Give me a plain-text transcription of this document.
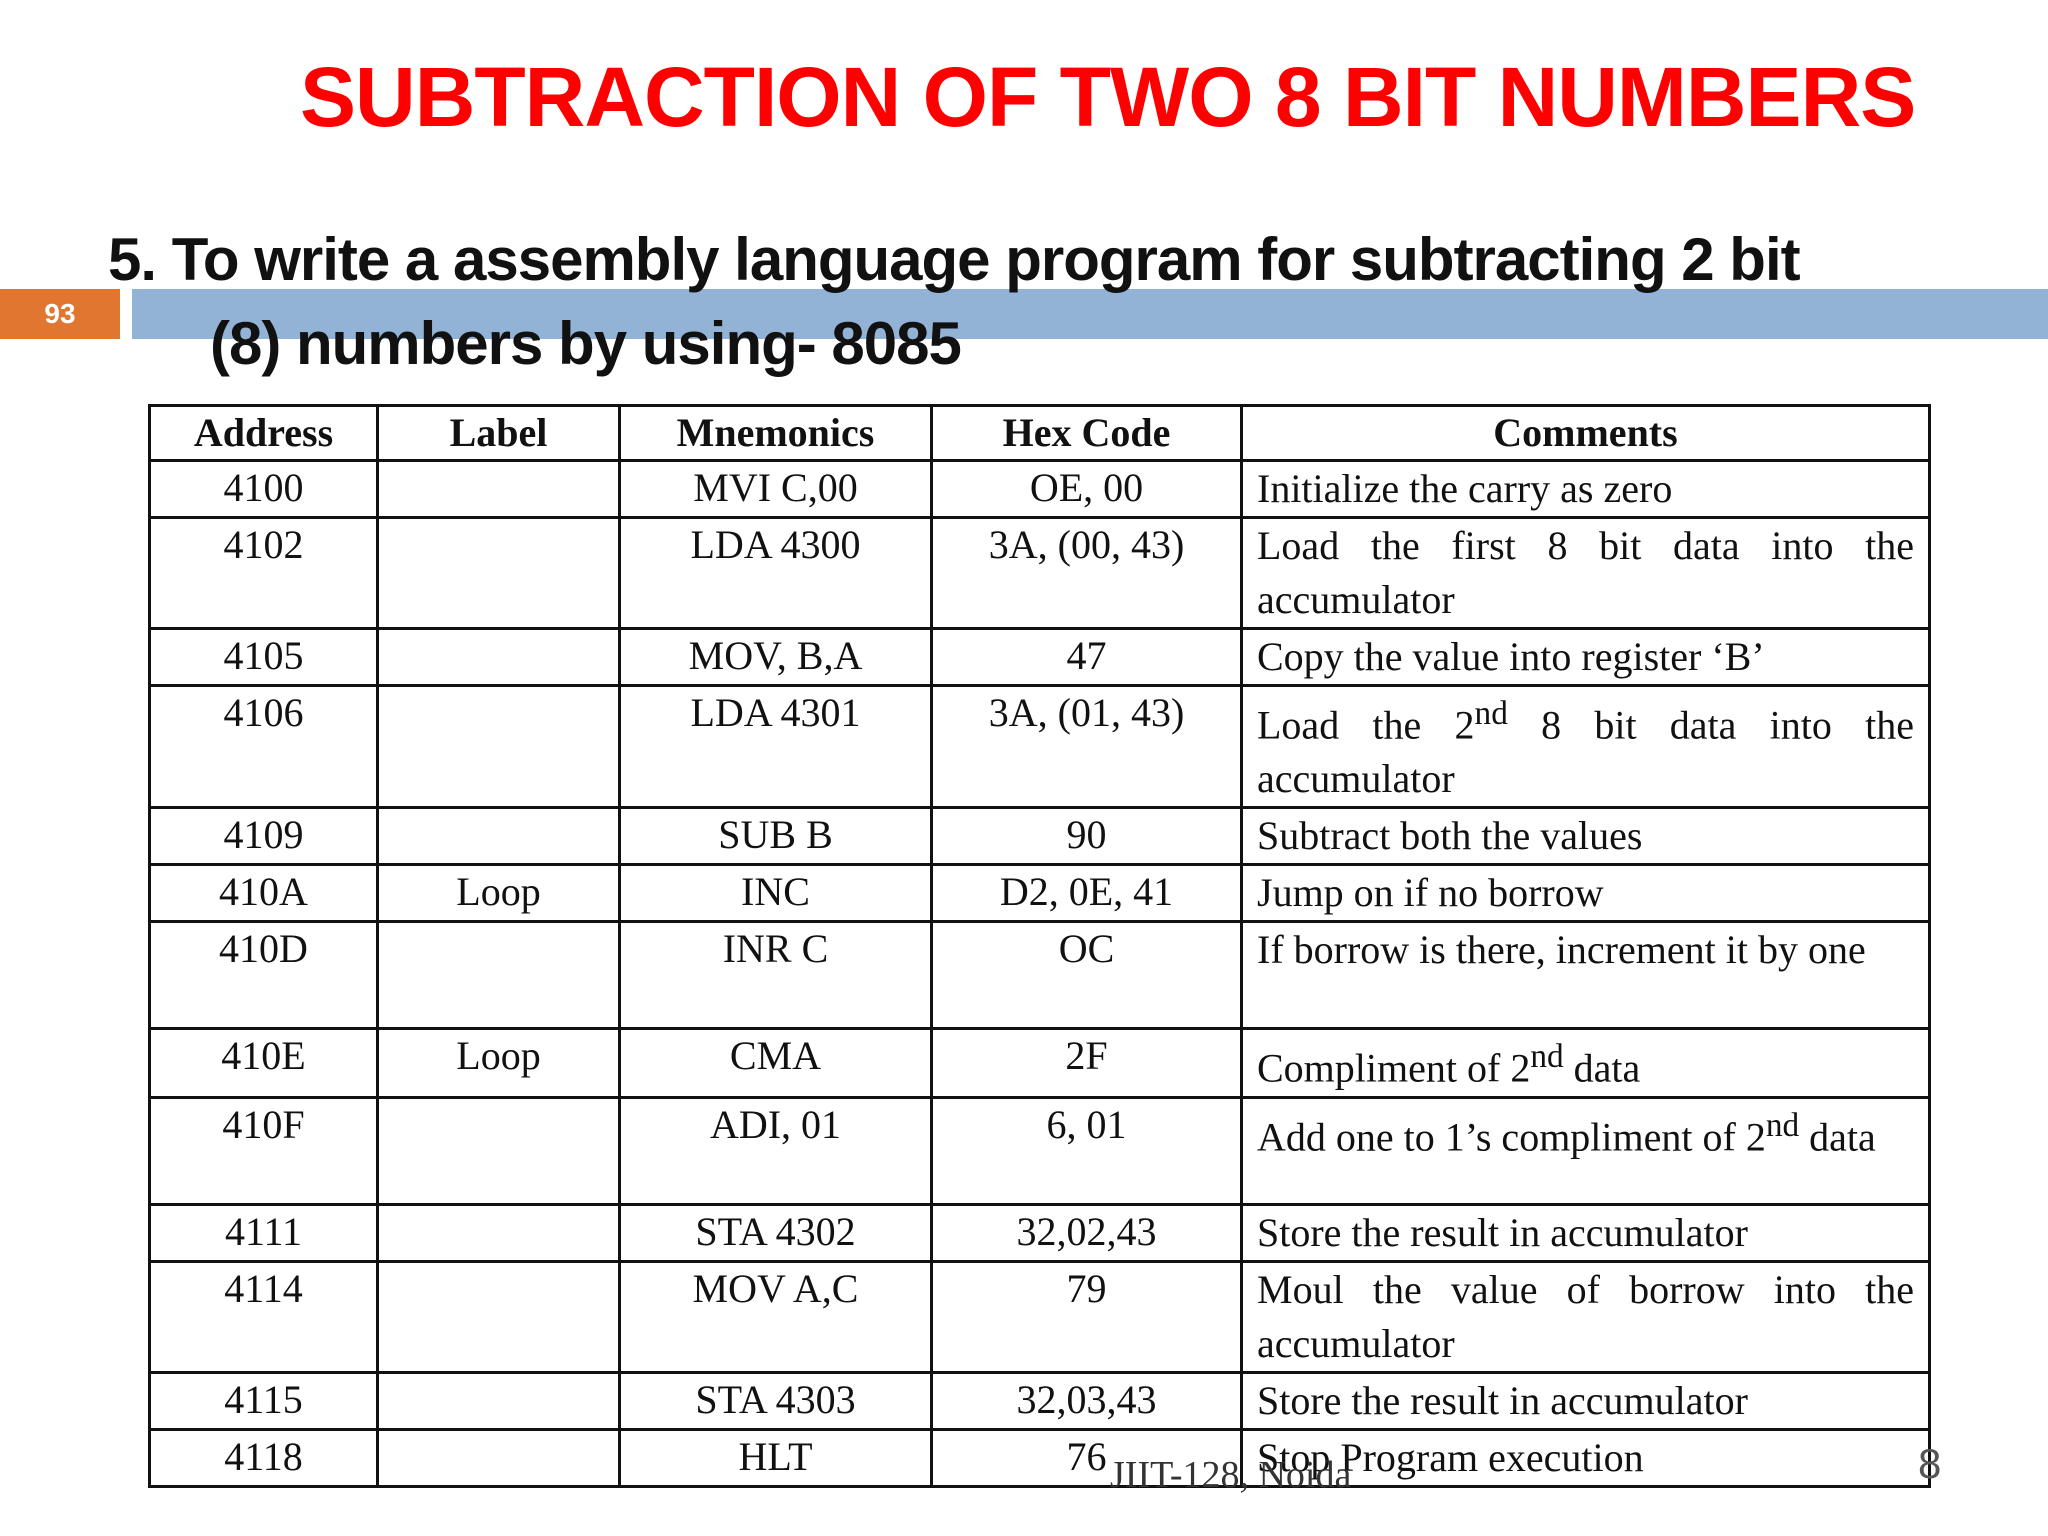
93
SUBTRACTION OF TWO 8 BIT NUMBERS
5. To write a assembly language program for subtracting 2 bit
(8) numbers by using- 8085
Address	Label	Mnemonics	Hex Code	Comments
4100		MVI C,00	OE, 00	Initialize the carry as zero
4102		LDA 4300	3A, (00, 43)	Load the first 8 bit data into the accumulator
4105		MOV, B,A	47	Copy the value into register ‘B’
4106		LDA 4301	3A, (01, 43)	Load the 2nd 8 bit data into the accumulator
4109		SUB B	90	Subtract both the values
410A	Loop	INC	D2, 0E, 41	Jump on if no borrow
410D		INR C	OC	If borrow is there, increment it by one
410E	Loop	CMA	2F	Compliment of 2nd data
410F		ADI, 01	6, 01	Add one to 1’s compliment of 2nd data
4111		STA 4302	32,02,43	Store the result in accumulator
4114		MOV A,C	79	Moul the value of borrow into the accumulator
4115		STA 4303	32,03,43	Store the result in accumulator
4118		HLT	76	Stop Program execution
JIIT-128, Noida	8
